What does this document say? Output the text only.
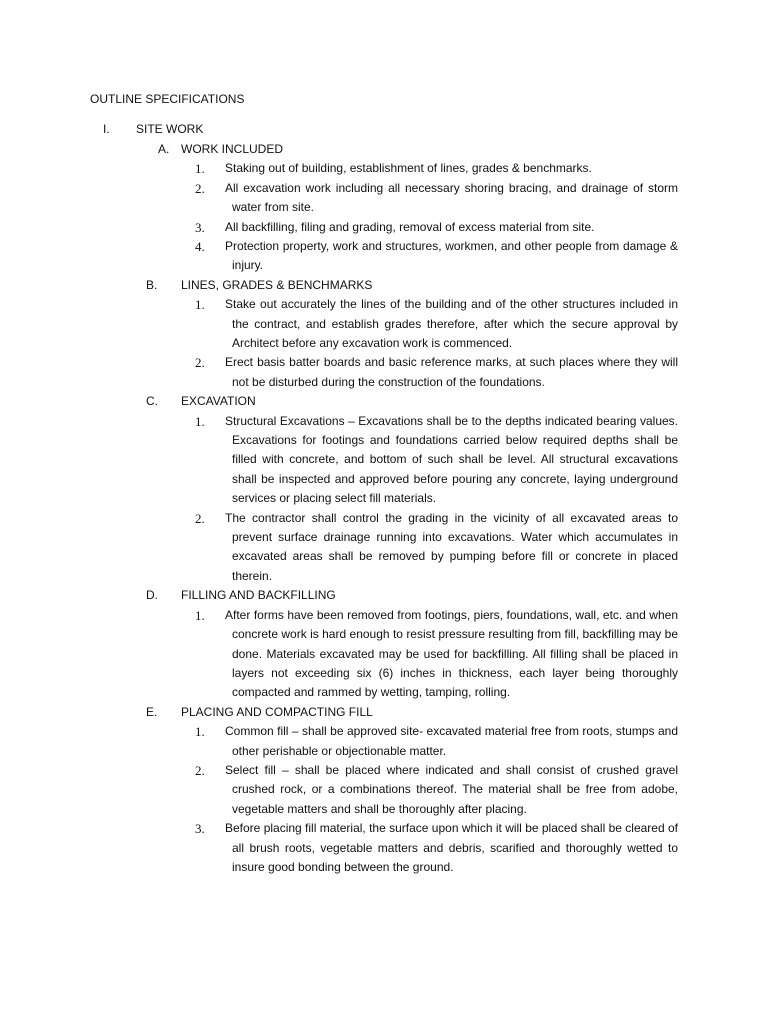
OUTLINE SPECIFICATIONS
I. SITE WORK
A. WORK INCLUDED
1. Staking out of building, establishment of lines, grades & benchmarks.
2. All excavation work including all necessary shoring bracing, and drainage of storm water from site.
3. All backfilling, filing and grading, removal of excess material from site.
4. Protection property, work and structures, workmen, and other people from damage & injury.
B. LINES, GRADES & BENCHMARKS
1. Stake out accurately the lines of the building and of the other structures included in the contract, and establish grades therefore, after which the secure approval by Architect before any excavation work is commenced.
2. Erect basis batter boards and basic reference marks, at such places where they will not be disturbed during the construction of the foundations.
C. EXCAVATION
1. Structural Excavations – Excavations shall be to the depths indicated bearing values. Excavations for footings and foundations carried below required depths shall be filled with concrete, and bottom of such shall be level. All structural excavations shall be inspected and approved before pouring any concrete, laying underground services or placing select fill materials.
2. The contractor shall control the grading in the vicinity of all excavated areas to prevent surface drainage running into excavations. Water which accumulates in excavated areas shall be removed by pumping before fill or concrete in placed therein.
D. FILLING AND BACKFILLING
1. After forms have been removed from footings, piers, foundations, wall, etc. and when concrete work is hard enough to resist pressure resulting from fill, backfilling may be done. Materials excavated may be used for backfilling. All filling shall be placed in layers not exceeding six (6) inches in thickness, each layer being thoroughly compacted and rammed by wetting, tamping, rolling.
E. PLACING AND COMPACTING FILL
1. Common fill – shall be approved site- excavated material free from roots, stumps and other perishable or objectionable matter.
2. Select fill – shall be placed where indicated and shall consist of crushed gravel crushed rock, or a combinations thereof. The material shall be free from adobe, vegetable matters and shall be thoroughly after placing.
3. Before placing fill material, the surface upon which it will be placed shall be cleared of all brush roots, vegetable matters and debris, scarified and thoroughly wetted to insure good bonding between the ground.
